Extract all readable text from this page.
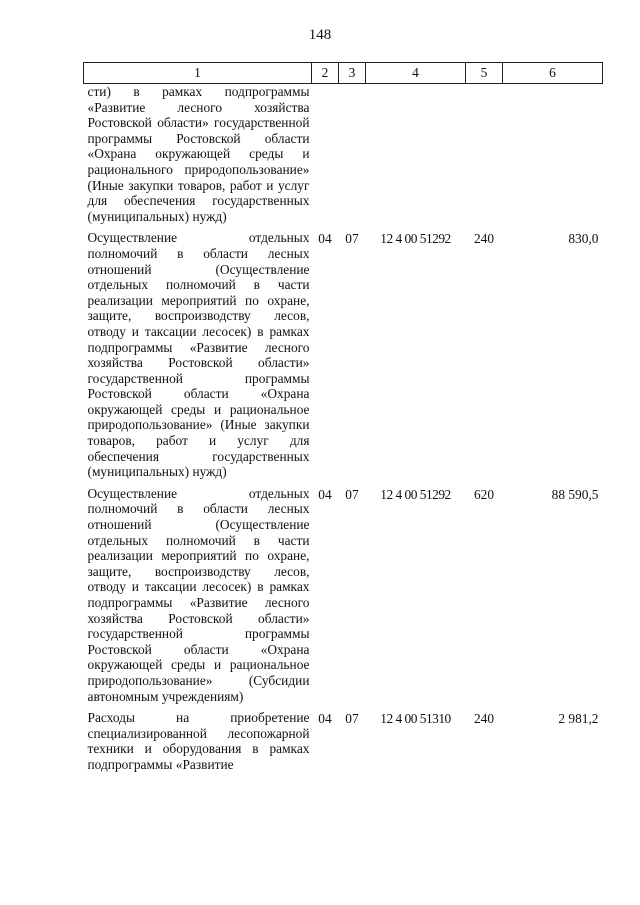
148
1	2	3	4	5	6
сти) в рамках подпрограммы «Развитие лесного хозяйства Ростовской области» государственной программы Ростовской области «Охрана окружающей среды и рационального природопользование» (Иные закупки товаров, работ и услуг для обеспечения государственных (муниципальных) нужд)					
Осуществление отдельных полномочий в области лесных отношений (Осуществление отдельных полномочий в части реализации мероприятий по охране, защите, воспроизводству лесов, отводу и таксации лесосек) в рамках подпрограммы «Развитие лесного хозяйства Ростовской области» государственной программы Ростовской области «Охрана окружающей среды и рациональное природопользование» (Иные закупки товаров, работ и услуг для обеспечения государственных (муниципальных) нужд)	04	07	12 4 00 51292	240	830,0
Осуществление отдельных полномочий в области лесных отношений (Осуществление отдельных полномочий в части реализации мероприятий по охране, защите, воспроизводству лесов, отводу и таксации лесосек) в рамках подпрограммы «Развитие лесного хозяйства Ростовской области» государственной программы Ростовской области «Охрана окружающей среды и рациональное природопользование» (Субсидии автономным учреждениям)	04	07	12 4 00 51292	620	88 590,5
Расходы на приобретение специализированной лесопожарной техники и оборудования в рамках подпрограммы «Развитие	04	07	12 4 00 51310	240	2 981,2
